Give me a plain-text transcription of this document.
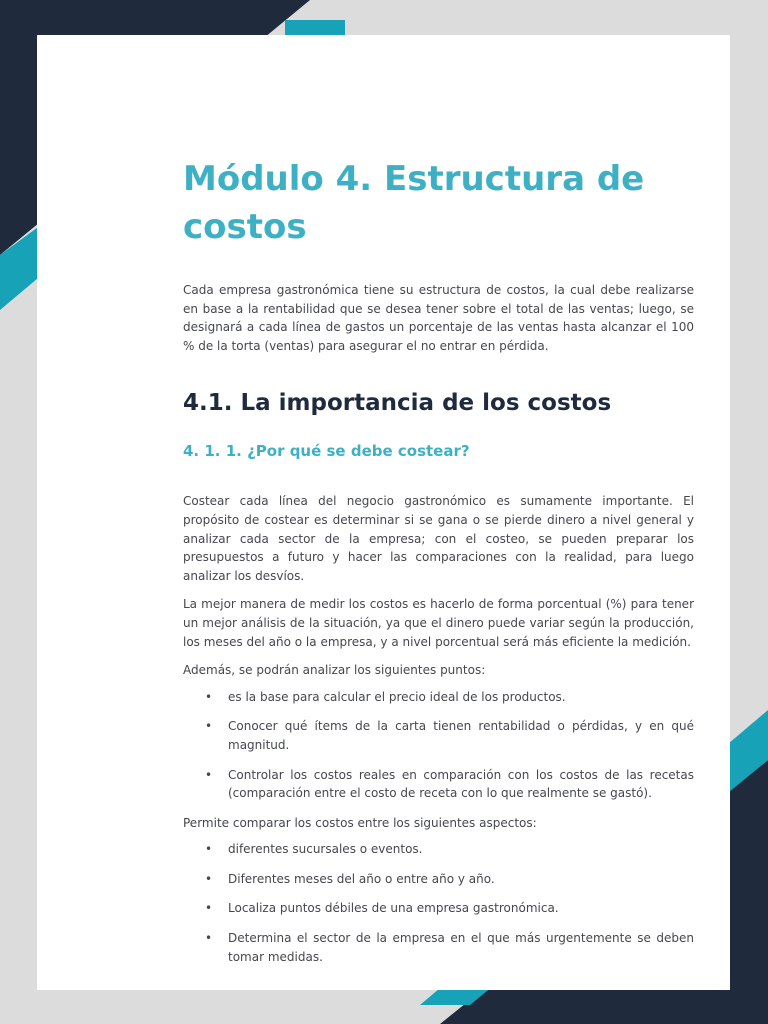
Módulo 4. Estructura de costos

Cada empresa gastronómica tiene su estructura de costos, la cual debe realizarse en base a la rentabilidad que se desea tener sobre el total de las ventas; luego, se designará a cada línea de gastos un porcentaje de las ventas hasta alcanzar el 100 % de la torta (ventas) para asegurar el no entrar en pérdida.

4.1. La importancia de los costos
4. 1. 1. ¿Por qué se debe costear?

Costear cada línea del negocio gastronómico es sumamente importante. El propósito de costear es determinar si se gana o se pierde dinero a nivel general y analizar cada sector de la empresa; con el costeo, se pueden preparar los presupuestos a futuro y hacer las comparaciones con la realidad, para luego analizar los desvíos.

La mejor manera de medir los costos es hacerlo de forma porcentual (%) para tener un mejor análisis de la situación, ya que el dinero puede variar según la producción, los meses del año o la empresa, y a nivel porcentual será más eficiente la medición.

Además, se podrán analizar los siguientes puntos:

• es la base para calcular el precio ideal de los productos.
• Conocer qué ítems de la carta tienen rentabilidad o pérdidas, y en qué magnitud.
• Controlar los costos reales en comparación con los costos de las recetas (comparación entre el costo de receta con lo que realmente se gastó).

Permite comparar los costos entre los siguientes aspectos:

• diferentes sucursales o eventos.
• Diferentes meses del año o entre año y año.
• Localiza puntos débiles de una empresa gastronómica.
• Determina el sector de la empresa en el que más urgentemente se deben tomar medidas.
